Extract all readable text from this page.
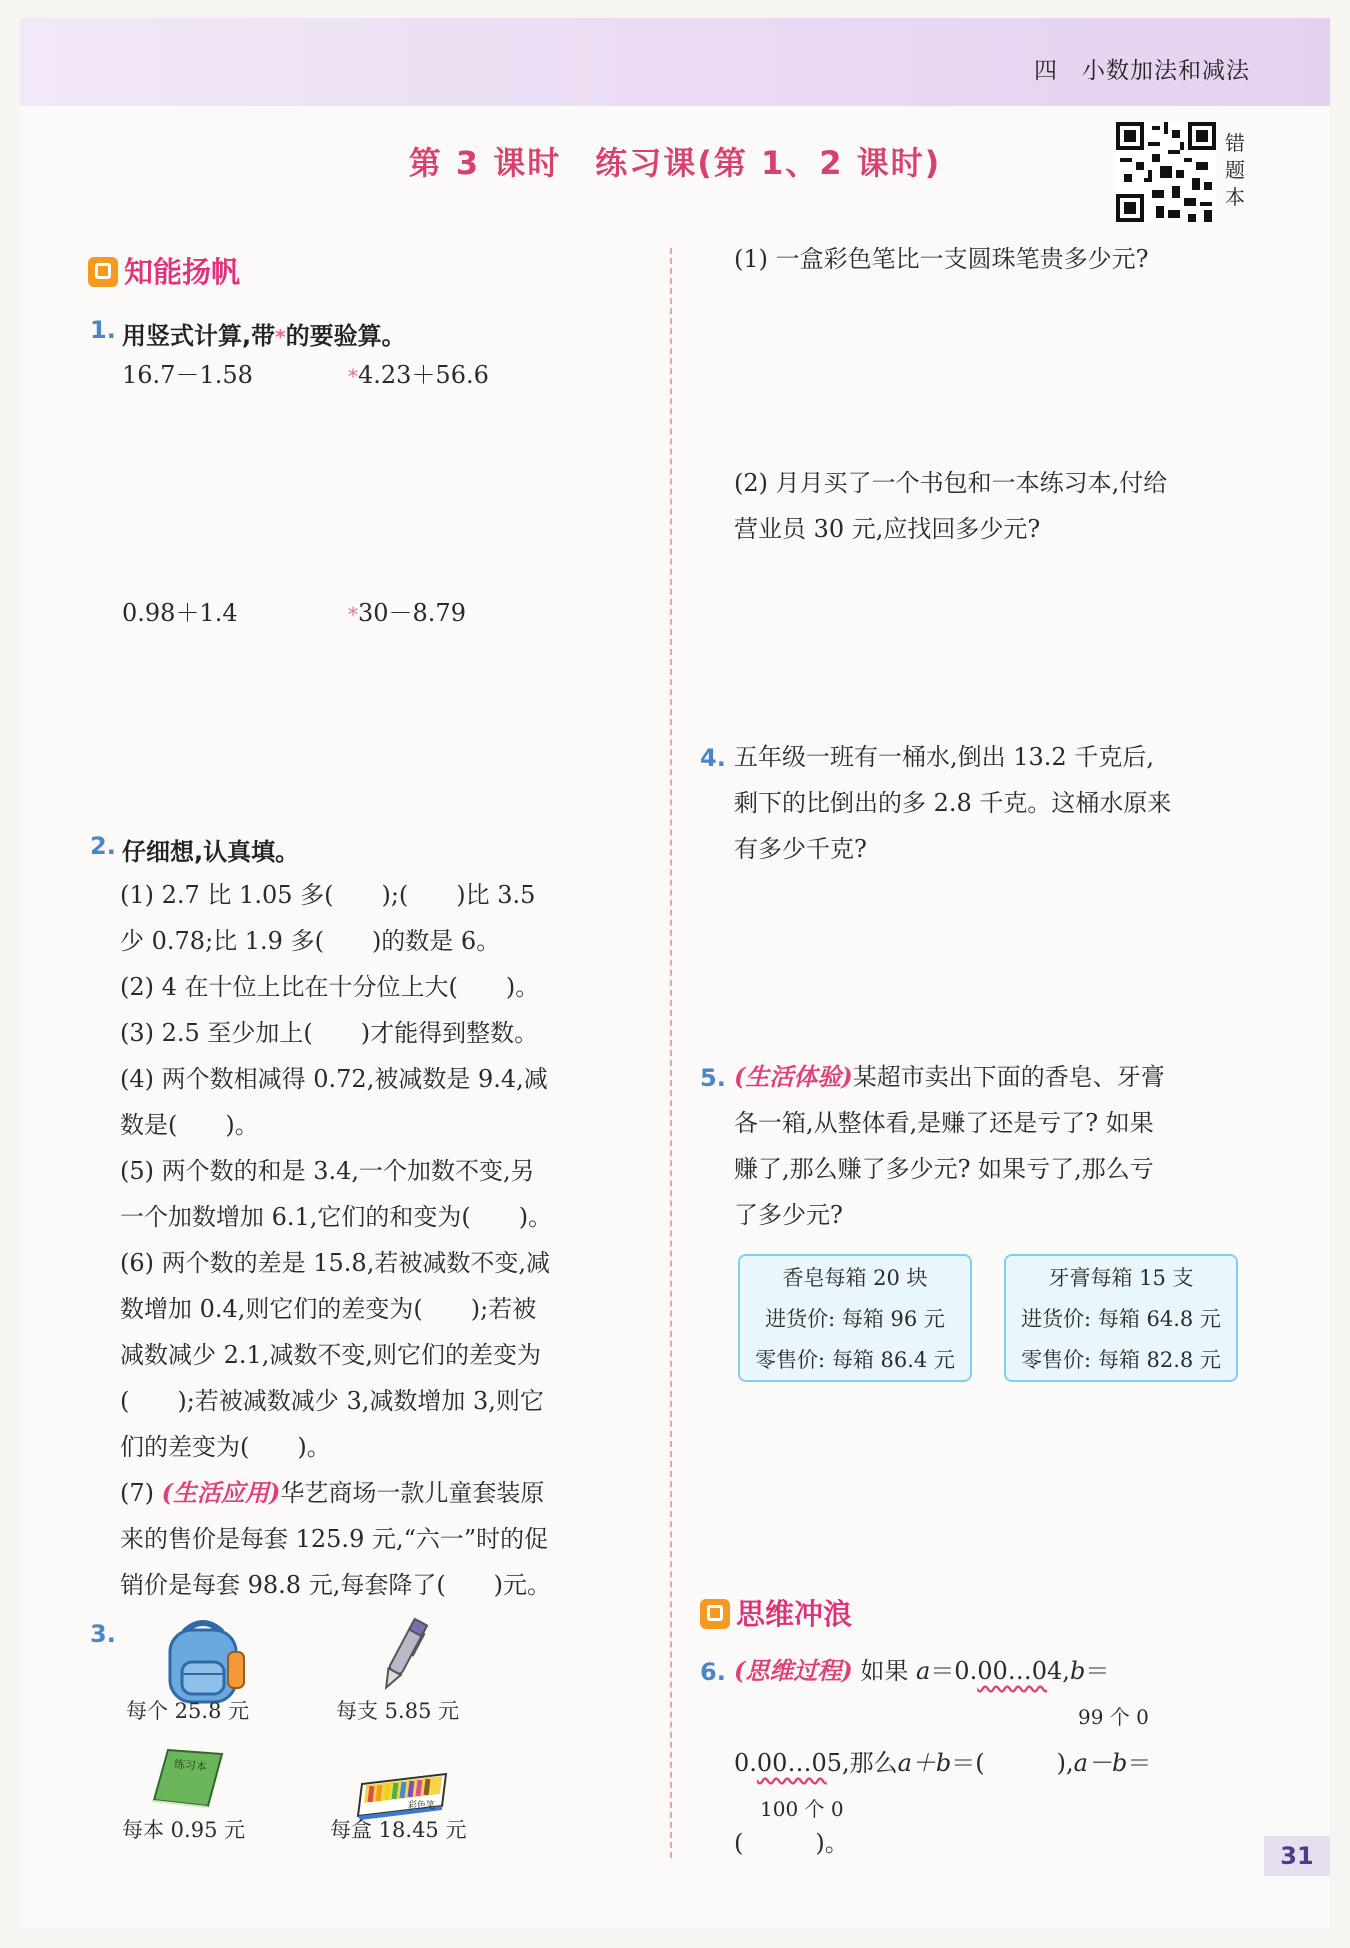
四　小数加法和减法
第 3 课时　练习课(第 1、2 课时)
错
题
本
知能扬帆
1. 用竖式计算,带*的要验算。
16.7－1.58	*4.23＋56.6
0.98＋1.4	*30－8.79
2. 仔细想,认真填。
(1) 2.7 比 1.05 多(　　);(　　)比 3.5
少 0.78;比 1.9 多(　　)的数是 6。
(2) 4 在十位上比在十分位上大(　　)。
(3) 2.5 至少加上(　　)才能得到整数。
(4) 两个数相减得 0.72,被减数是 9.4,减
数是(　　)。
(5) 两个数的和是 3.4,一个加数不变,另
一个加数增加 6.1,它们的和变为(　　)。
(6) 两个数的差是 15.8,若被减数不变,减
数增加 0.4,则它们的差变为(　　);若被
减数减少 2.1,减数不变,则它们的差变为
(　　);若被减数减少 3,减数增加 3,则它
们的差变为(　　)。
(7) (生活应用)华艺商场一款儿童套装原
来的售价是每套 125.9 元,“六一”时的促
销价是每套 98.8 元,每套降了(　　)元。
3.
每个 25.8 元	每支 5.85 元
练习本
每本 0.95 元
彩色笔
每盒 18.45 元
(1) 一盒彩色笔比一支圆珠笔贵多少元?
(2) 月月买了一个书包和一本练习本,付给
营业员 30 元,应找回多少元?
4. 五年级一班有一桶水,倒出 13.2 千克后,
剩下的比倒出的多 2.8 千克。这桶水原来
有多少千克?
5. (生活体验)某超市卖出下面的香皂、牙膏
各一箱,从整体看,是赚了还是亏了? 如果
赚了,那么赚了多少元? 如果亏了,那么亏
了多少元?
香皂每箱 20 块
进货价: 每箱 96 元
零售价: 每箱 86.4 元
牙膏每箱 15 支
进货价: 每箱 64.8 元
零售价: 每箱 82.8 元
思维冲浪
6. (思维过程) 如果 a＝0.00…04,b＝
99 个 0
0.00…05,那么a＋b＝(　　　),a－b＝
100 个 0
(　　　)。	31
